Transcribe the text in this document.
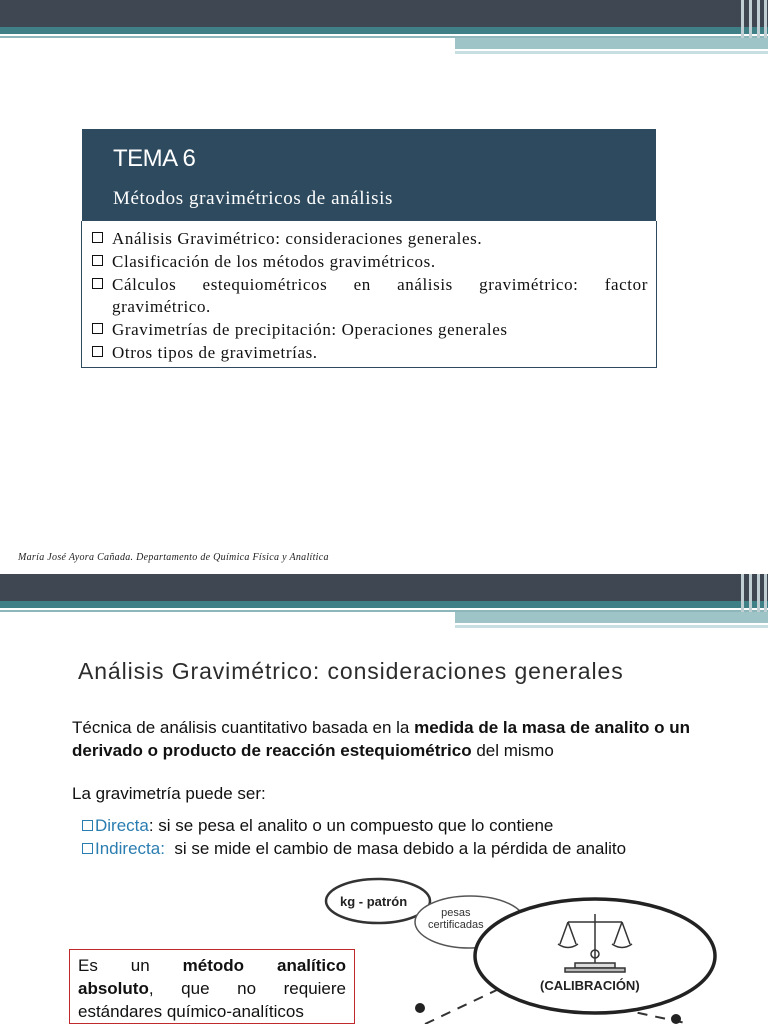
TEMA 6
Métodos gravimétricos de análisis
Análisis Gravimétrico: consideraciones generales.
Clasificación de los métodos gravimétricos.
Cálculos estequiométricos en análisis gravimétrico: factor
gravimétrico.
Gravimetrías de precipitación: Operaciones generales
Otros tipos de gravimetrías.
María José Ayora Cañada. Departamento de Química Física y Analítica
Análisis Gravimétrico: consideraciones generales
Técnica de análisis cuantitativo basada en la medida de la masa de analito o un derivado o producto de reacción estequiométrico del mismo
La gravimetría puede ser:
Directa: si se pesa el analito o un compuesto que lo contiene
Indirecta:  si se mide el cambio de masa debido a la pérdida de analito
kg - patrón
pesas
certificadas
(CALIBRACIÓN)
Es un método analítico
absoluto, que no requiere
estándares químico-analíticos
